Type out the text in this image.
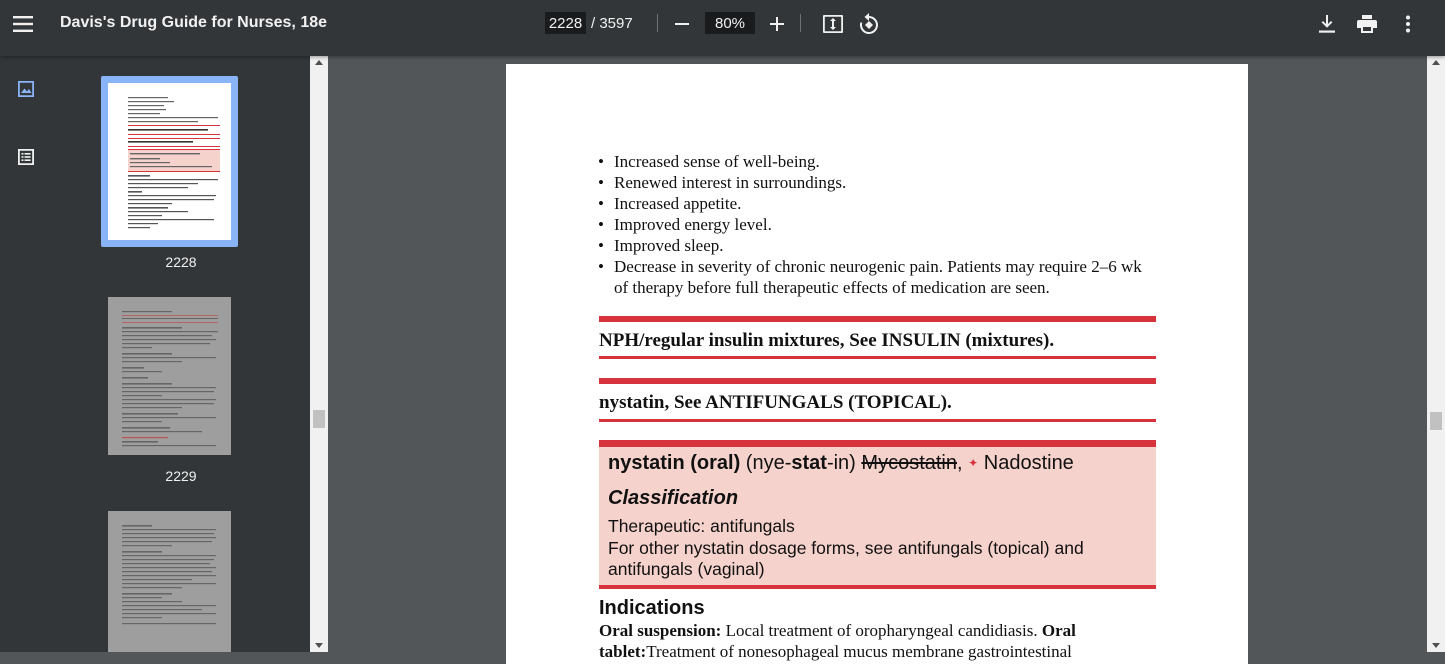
Davis's Drug Guide for Nurses, 18e
2228	/ 3597
80%
2228
2229
• Increased sense of well-being.
• Renewed interest in surroundings.
• Increased appetite.
• Improved energy level.
• Improved sleep.
• Decrease in severity of chronic neurogenic pain. Patients may require 2–6 wk of therapy before full therapeutic effects of medication are seen.
NPH/regular insulin mixtures, See INSULIN (mixtures).
nystatin, See ANTIFUNGALS (TOPICAL).
nystatin (oral) (nye-stat-in) Mycostatin, ✦ Nadostine
Classification
Therapeutic: antifungals
For other nystatin dosage forms, see antifungals (topical) and antifungals (vaginal)
Indications
Oral suspension: Local treatment of oropharyngeal candidiasis. Oral tablet:Treatment of nonesophageal mucus membrane gastrointestinal
